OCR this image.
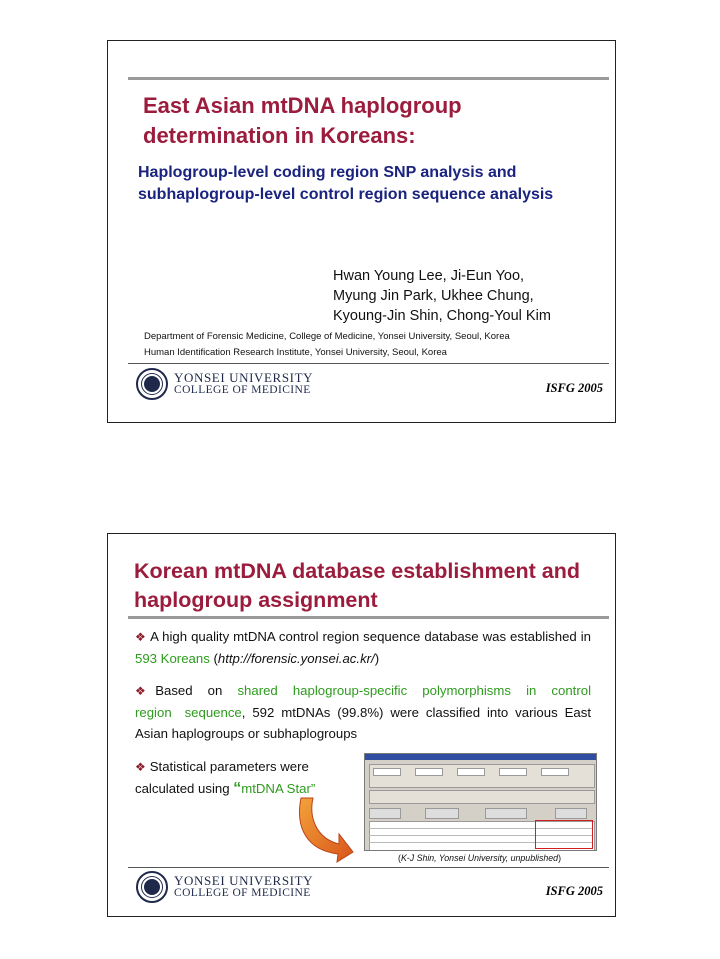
East Asian mtDNA haplogroup determination in Koreans:
Haplogroup-level coding region SNP analysis and subhaplogroup-level control region sequence analysis
Hwan Young Lee, Ji-Eun Yoo,
Myung Jin Park, Ukhee Chung,
Kyoung-Jin Shin, Chong-Youl Kim
Department of Forensic Medicine, College of Medicine, Yonsei University, Seoul, Korea
Human Identification Research Institute, Yonsei University, Seoul, Korea
YONSEI UNIVERSITY
COLLEGE OF MEDICINE	ISFG 2005
Korean mtDNA database establishment and haplogroup assignment
❖ A high quality mtDNA control region sequence database was established in 593 Koreans (http://forensic.yonsei.ac.kr/)
❖ Based on shared haplogroup-specific polymorphisms in control region sequence, 592 mtDNAs (99.8%) were classified into various East Asian haplogroups or subhaplogroups
❖ Statistical parameters were calculated using “mtDNA Star”
(K-J Shin, Yonsei University, unpublished)
YONSEI UNIVERSITY
COLLEGE OF MEDICINE	ISFG 2005
